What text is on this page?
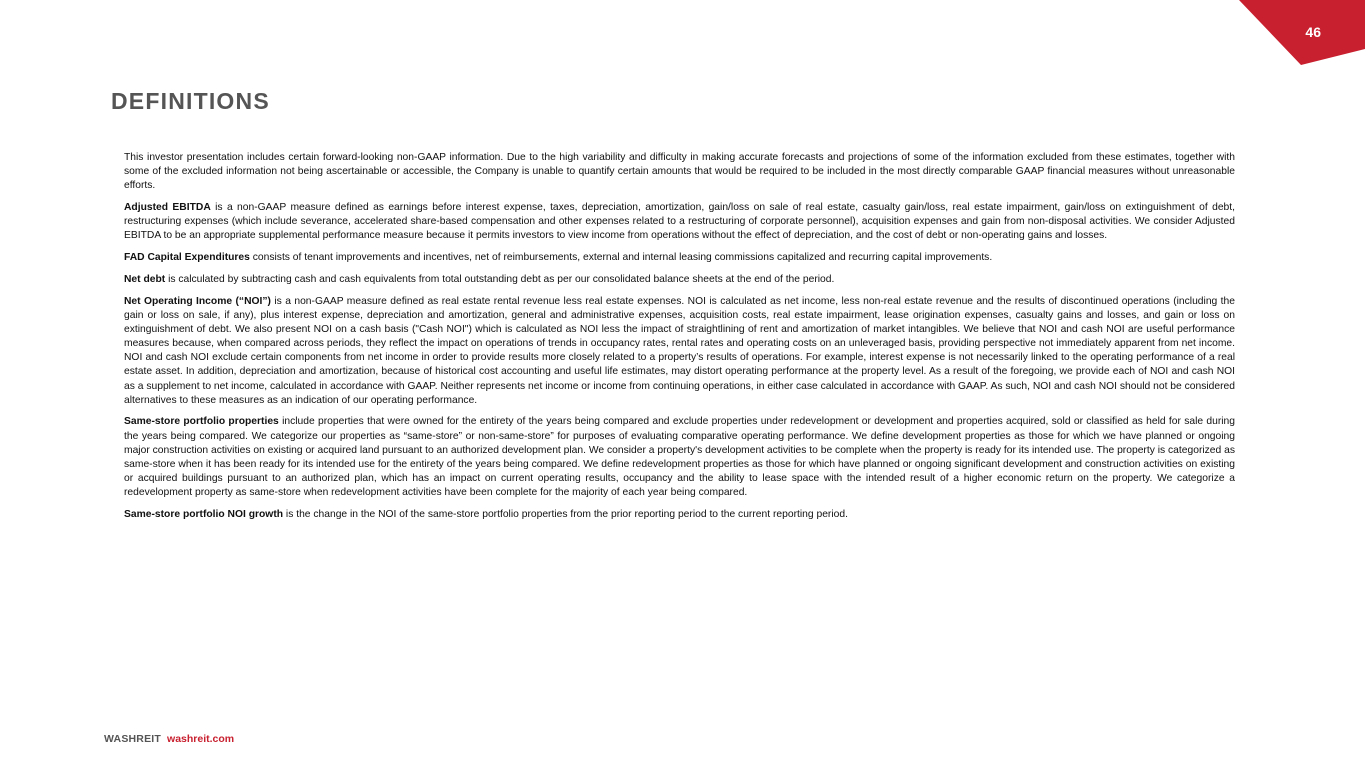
46
DEFINITIONS

This investor presentation includes certain forward-looking non-GAAP information. Due to the high variability and difficulty in making accurate forecasts and projections of some of the information excluded from these estimates, together with some of the excluded information not being ascertainable or accessible, the Company is unable to quantify certain amounts that would be required to be included in the most directly comparable GAAP financial measures without unreasonable efforts.

Adjusted EBITDA is a non-GAAP measure defined as earnings before interest expense, taxes, depreciation, amortization, gain/loss on sale of real estate, casualty gain/loss, real estate impairment, gain/loss on extinguishment of debt, restructuring expenses (which include severance, accelerated share-based compensation and other expenses related to a restructuring of corporate personnel), acquisition expenses and gain from non-disposal activities. We consider Adjusted EBITDA to be an appropriate supplemental performance measure because it permits investors to view income from operations without the effect of depreciation, and the cost of debt or non-operating gains and losses.

FAD Capital Expenditures consists of tenant improvements and incentives, net of reimbursements, external and internal leasing commissions capitalized and recurring capital improvements.

Net debt is calculated by subtracting cash and cash equivalents from total outstanding debt as per our consolidated balance sheets at the end of the period.

Net Operating Income (“NOI”) is a non-GAAP measure defined as real estate rental revenue less real estate expenses. NOI is calculated as net income, less non-real estate revenue and the results of discontinued operations (including the gain or loss on sale, if any), plus interest expense, depreciation and amortization, general and administrative expenses, acquisition costs, real estate impairment, lease origination expenses, casualty gains and losses, and gain or loss on extinguishment of debt. We also present NOI on a cash basis ("Cash NOI") which is calculated as NOI less the impact of straightlining of rent and amortization of market intangibles. We believe that NOI and cash NOI are useful performance measures because, when compared across periods, they reflect the impact on operations of trends in occupancy rates, rental rates and operating costs on an unleveraged basis, providing perspective not immediately apparent from net income. NOI and cash NOI exclude certain components from net income in order to provide results more closely related to a property’s results of operations. For example, interest expense is not necessarily linked to the operating performance of a real estate asset. In addition, depreciation and amortization, because of historical cost accounting and useful life estimates, may distort operating performance at the property level. As a result of the foregoing, we provide each of NOI and cash NOI as a supplement to net income, calculated in accordance with GAAP. Neither represents net income or income from continuing operations, in either case calculated in accordance with GAAP. As such, NOI and cash NOI should not be considered alternatives to these measures as an indication of our operating performance.

Same-store portfolio properties include properties that were owned for the entirety of the years being compared and exclude properties under redevelopment or development and properties acquired, sold or classified as held for sale during the years being compared. We categorize our properties as “same-store” or non-same-store” for purposes of evaluating comparative operating performance. We define development properties as those for which we have planned or ongoing major construction activities on existing or acquired land pursuant to an authorized development plan. We consider a property's development activities to be complete when the property is ready for its intended use. The property is categorized as same-store when it has been ready for its intended use for the entirety of the years being compared. We define redevelopment properties as those for which have planned or ongoing significant development and construction activities on existing or acquired buildings pursuant to an authorized plan, which has an impact on current operating results, occupancy and the ability to lease space with the intended result of a higher economic return on the property. We categorize a redevelopment property as same-store when redevelopment activities have been complete for the majority of each year being compared.

Same-store portfolio NOI growth is the change in the NOI of the same-store portfolio properties from the prior reporting period to the current reporting period.

WASHREIT washreit.com
